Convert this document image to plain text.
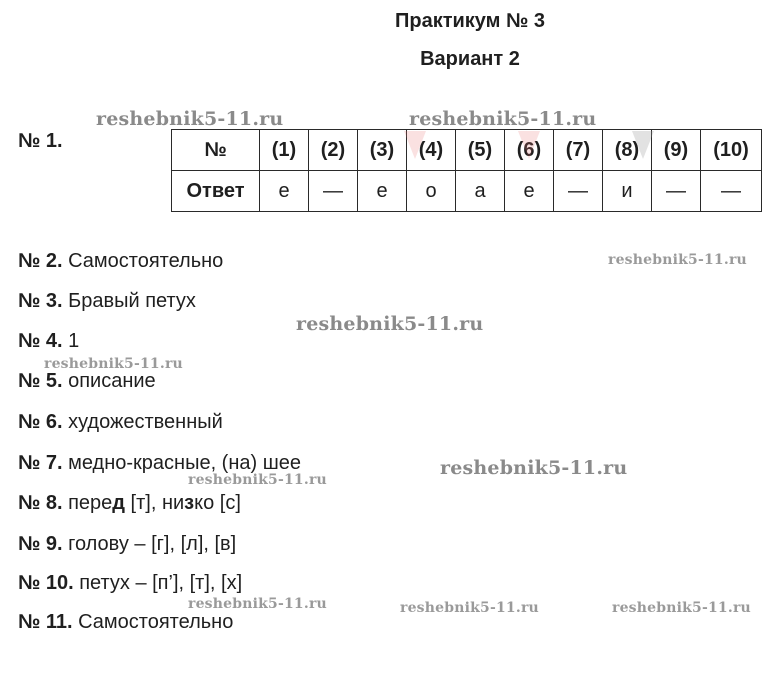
Практикум № 3
Вариант 2
reshebnik5-11.ru	reshebnik5-11.ru
reshebnik5-11.ru
reshebnik5-11.ru
reshebnik5-11.ru
reshebnik5-11.ru
reshebnik5-11.ru
reshebnik5-11.ru	reshebnik5-11.ru	reshebnik5-11.ru
№ 1.	№	(1)	(2)	(3)	(4)	(5)	(6)	(7)	(8)	(9)	(10)
Ответ	е	—	е	о	а	е	—	и	—	—
№ 2. Самостоятельно
№ 3. Бравый петух
№ 4. 1
№ 5. описание
№ 6. художественный
№ 7. медно-красные, (на) шее
№ 8. перед [т], низко [с]
№ 9. голову – [г], [л], [в]
№ 10. петух – [п’], [т], [х]
№ 11. Самостоятельно
